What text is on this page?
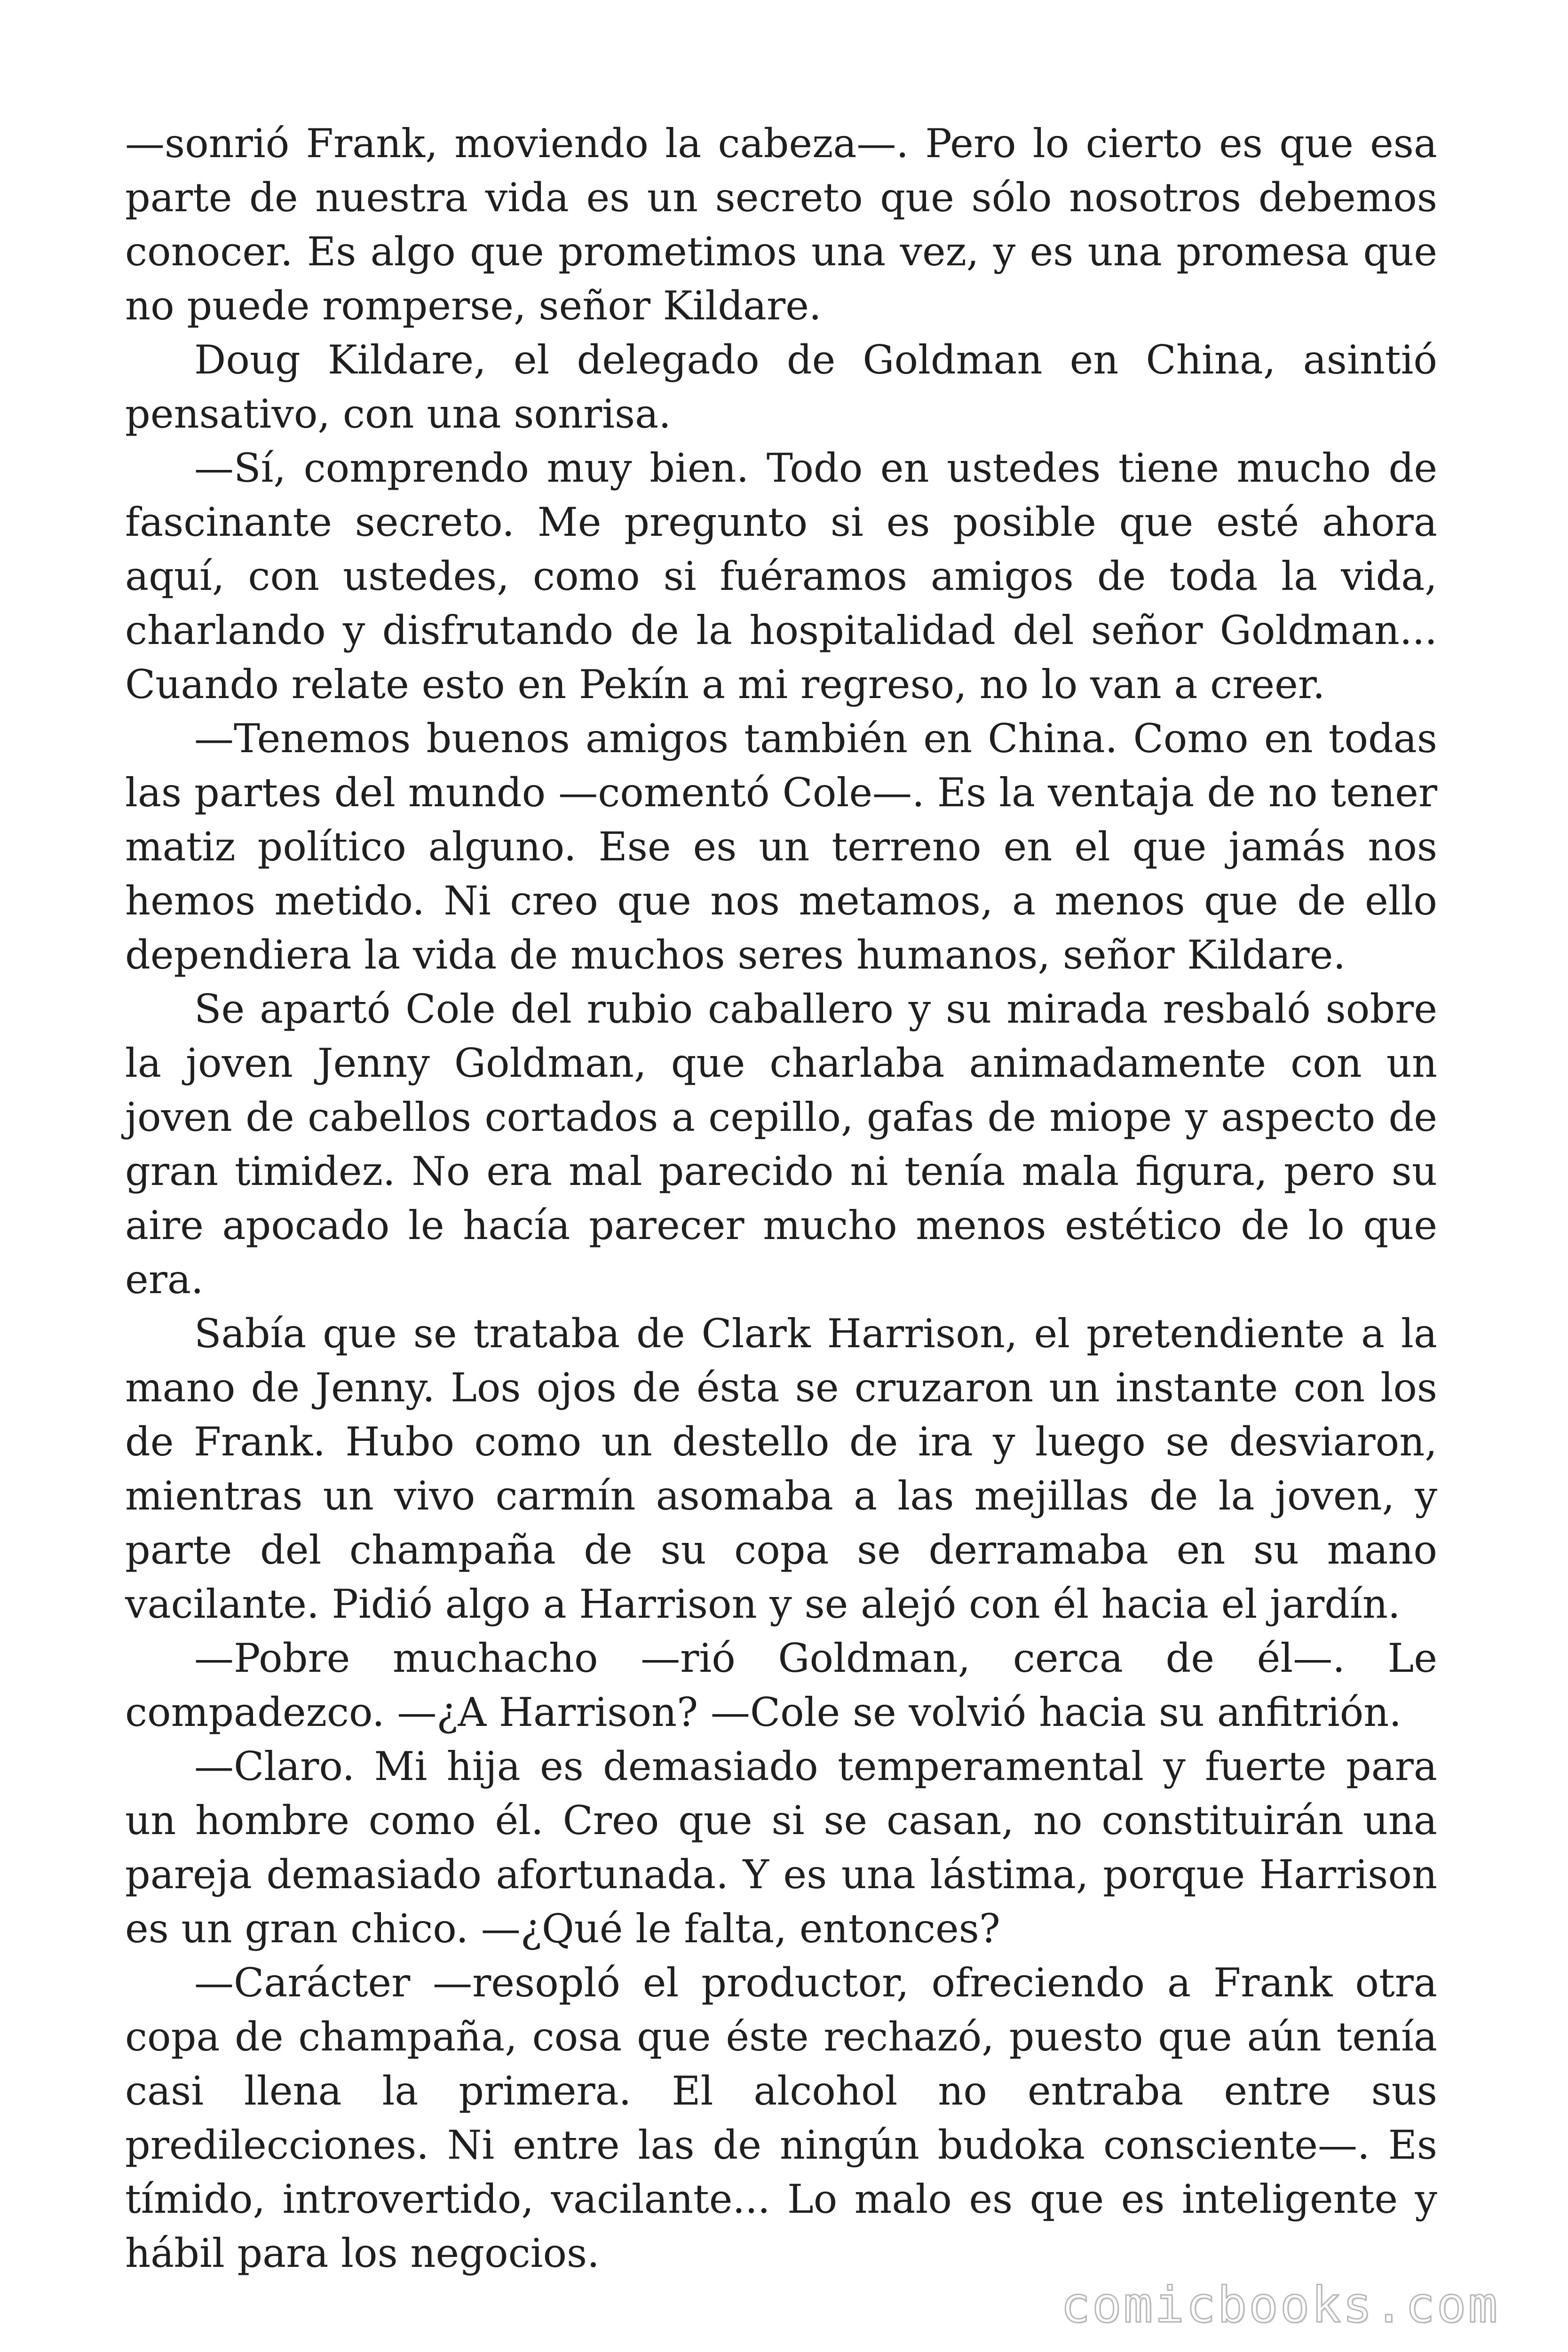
—sonrió Frank, moviendo la cabeza—. Pero lo cierto es que esa parte de nuestra vida es un secreto que sólo nosotros debemos conocer. Es algo que prometimos una vez, y es una promesa que no puede romperse, señor Kildare.

Doug Kildare, el delegado de Goldman en China, asintió pensativo, con una sonrisa.

—Sí, comprendo muy bien. Todo en ustedes tiene mucho de fascinante secreto. Me pregunto si es posible que esté ahora aquí, con ustedes, como si fuéramos amigos de toda la vida, charlando y disfrutando de la hospitalidad del señor Goldman... Cuando relate esto en Pekín a mi regreso, no lo van a creer.

—Tenemos buenos amigos también en China. Como en todas las partes del mundo —comentó Cole—. Es la ventaja de no tener matiz político alguno. Ese es un terreno en el que jamás nos hemos metido. Ni creo que nos metamos, a menos que de ello dependiera la vida de muchos seres humanos, señor Kildare.

Se apartó Cole del rubio caballero y su mirada resbaló sobre la joven Jenny Goldman, que charlaba animadamente con un joven de cabellos cortados a cepillo, gafas de miope y aspecto de gran timidez. No era mal parecido ni tenía mala figura, pero su aire apocado le hacía parecer mucho menos estético de lo que era.

Sabía que se trataba de Clark Harrison, el pretendiente a la mano de Jenny. Los ojos de ésta se cruzaron un instante con los de Frank. Hubo como un destello de ira y luego se desviaron, mientras un vivo carmín asomaba a las mejillas de la joven, y parte del champaña de su copa se derramaba en su mano vacilante. Pidió algo a Harrison y se alejó con él hacia el jardín.

—Pobre muchacho —rió Goldman, cerca de él—. Le compadezco. —¿A Harrison? —Cole se volvió hacia su anfitrión.

—Claro. Mi hija es demasiado temperamental y fuerte para un hombre como él. Creo que si se casan, no constituirán una pareja demasiado afortunada. Y es una lástima, porque Harrison es un gran chico. —¿Qué le falta, entonces?

—Carácter —resopló el productor, ofreciendo a Frank otra copa de champaña, cosa que éste rechazó, puesto que aún tenía casi llena la primera. El alcohol no entraba entre sus predilecciones. Ni entre las de ningún budoka consciente—. Es tímido, introvertido, vacilante... Lo malo es que es inteligente y hábil para los negocios.

comicbooks.com
